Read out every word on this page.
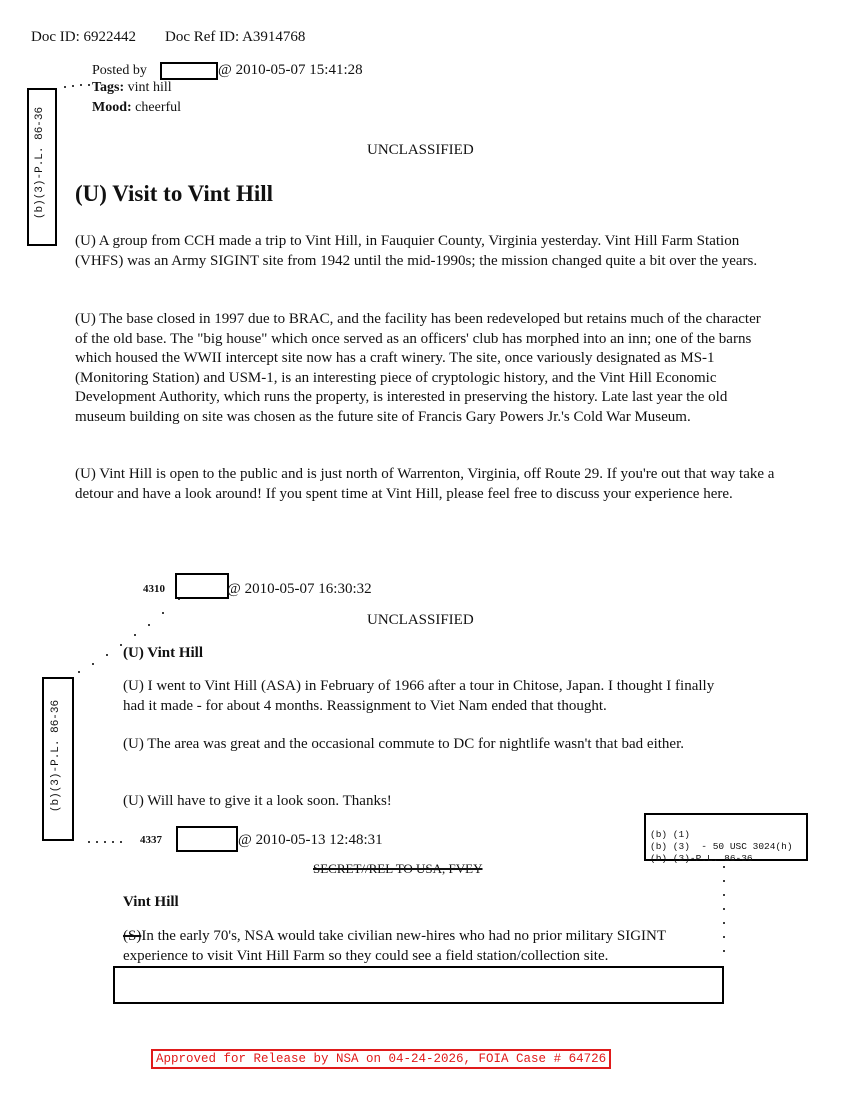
Doc ID: 6922442 Doc Ref ID: A3914768
Posted by	@ 2010-05-07 15:41:28
Tags: vint hill
Mood: cheerful
(b)(3)-P.L. 86-36	UNCLASSIFIED
(U) Visit to Vint Hill
(U) A group from CCH made a trip to Vint Hill, in Fauquier County, Virginia yesterday. Vint Hill Farm Station (VHFS) was an Army SIGINT site from 1942 until the mid-1990s; the mission changed quite a bit over the years.
(U) The base closed in 1997 due to BRAC, and the facility has been redeveloped but retains much of the character of the old base. The "big house" which once served as an officers' club has morphed into an inn; one of the barns which housed the WWII intercept site now has a craft winery. The site, once variously designated as MS-1 (Monitoring Station) and USM-1, is an interesting piece of cryptologic history, and the Vint Hill Economic Development Authority, which runs the property, is interested in preserving the history. Late last year the old museum building on site was chosen as the future site of Francis Gary Powers Jr.'s Cold War Museum.
(U) Vint Hill is open to the public and is just north of Warrenton, Virginia, off Route 29. If you're out that way take a detour and have a look around! If you spent time at Vint Hill, please feel free to discuss your experience here.
4310	@ 2010-05-07 16:30:32
UNCLASSIFIED
(U) Vint Hill
(U) I went to Vint Hill (ASA) in February of 1966 after a tour in Chitose, Japan. I thought I finally had it made - for about 4 months. Reassignment to Viet Nam ended that thought.
(U) The area was great and the occasional commute to DC for nightlife wasn't that bad either.
(U) Will have to give it a look soon. Thanks!
(b)(3)-P.L. 86-36
4337	@ 2010-05-13 12:48:31	(b) (1)
(b) (3)  - 50 USC 3024(h)
(b) (3)-P.L. 86-36

SECRET//REL TO USA, FVEY
Vint Hill
(S)In the early 70's, NSA would take civilian new-hires who had no prior military SIGINT experience to visit Vint Hill Farm so they could see a field station/collection site.
Approved for Release by NSA on 04-24-2026, FOIA Case # 64726
